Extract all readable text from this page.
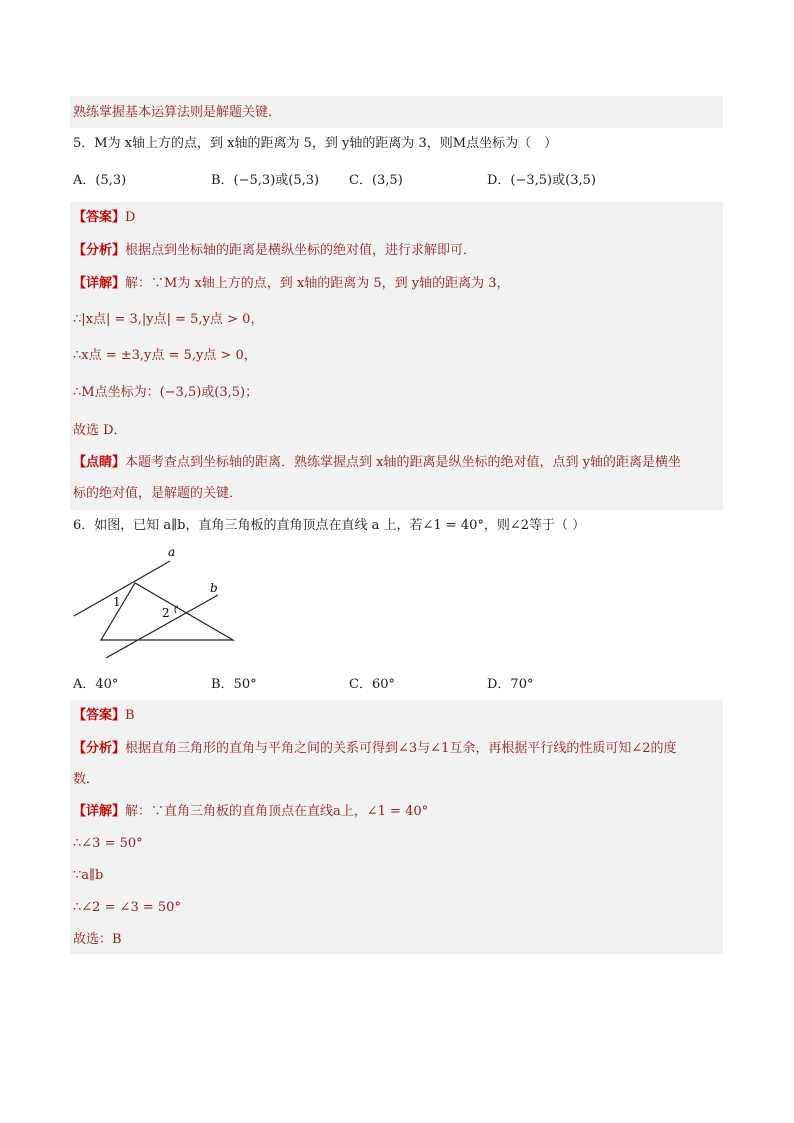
熟练掌握基本运算法则是解题关键．
5．M为 x轴上方的点，到 x轴的距离为 5，到 y轴的距离为 3，则M点坐标为（　）
A．(5,3)	B．(−5,3)或(5,3) C．(3,5)	D．(−3,5)或(3,5)
【答案】D
【分析】根据点到坐标轴的距离是横纵坐标的绝对值，进行求解即可．
【详解】解：∵M为 x轴上方的点，到 x轴的距离为 5，到 y轴的距离为 3，
∴|x点| = 3,|y点| = 5,y点 > 0，
∴x点 = ±3,y点 = 5,y点 > 0，
∴M点坐标为：(−3,5)或(3,5)；
故选 D．
【点睛】本题考查点到坐标轴的距离．熟练掌握点到 x轴的距离是纵坐标的绝对值，点到 y轴的距离是横坐
标的绝对值，是解题的关键．
6．如图，已知 a∥b，直角三角板的直角顶点在直线 a 上，若∠1 = 40°，则∠2等于（ ）
a
b
1
2
A．40°	B．50°	C．60°	D．70°
【答案】B
【分析】根据直角三角形的直角与平角之间的关系可得到∠3与∠1互余，再根据平行线的性质可知∠2的度
数．
【详解】解：∵直角三角板的直角顶点在直线a上，∠1 = 40°
∴∠3 = 50°
∵a∥b
∴∠2 = ∠3 = 50°
故选：B
